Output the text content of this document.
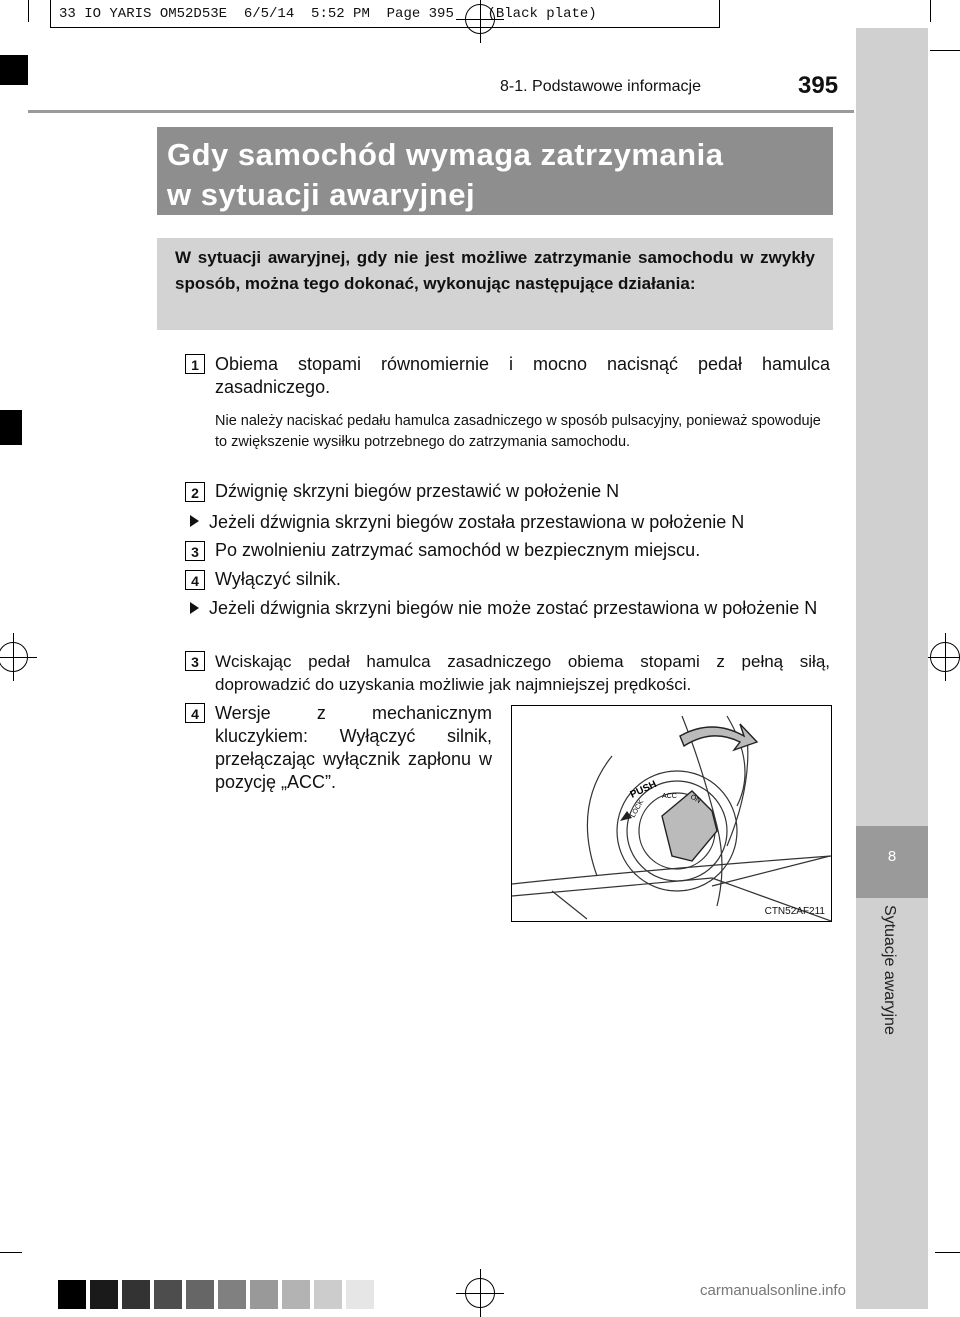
33 IO YARIS OM52D53E  6/5/14  5:52 PM  Page 395    (Black plate)
8
Sytuacje awaryjne
8-1. Podstawowe informacje	395
Gdy samochód wymaga zatrzymania
w sytuacji awaryjnej
W sytuacji awaryjnej, gdy nie jest możliwe zatrzymanie samochodu w zwykły sposób, można tego dokonać, wykonując następujące działania:
1 Obiema stopami równomiernie i mocno nacisnąć pedał hamulca zasadniczego.
Nie należy naciskać pedału hamulca zasadniczego w sposób pulsacyjny, ponieważ spowoduje to zwiększenie wysiłku potrzebnego do zatrzymania samochodu.
2 Dźwignię skrzyni biegów przestawić w położenie N
Jeżeli dźwignia skrzyni biegów została przestawiona w położenie N
3 Po zwolnieniu zatrzymać samochód w bezpiecznym miejscu.
4 Wyłączyć silnik.
Jeżeli dźwignia skrzyni biegów nie może zostać przestawiona w położenie N
3 Wciskając pedał hamulca zasadniczego obiema stopami z pełną siłą, doprowadzić do uzyskania możliwie jak najmniejszej prędkości.
4 Wersje z mechanicznym kluczykiem: Wyłączyć silnik, przełączając wyłącznik zapłonu w pozycję „ACC”.	PUSH
LOCK
ACC ON
CTN52AF211
carmanualsonline.info
